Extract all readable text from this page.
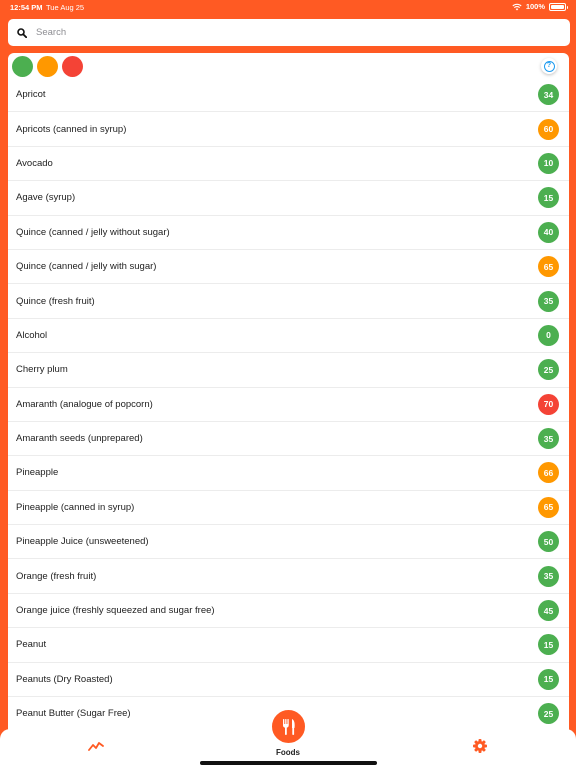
12:54 PM Tue Aug 25	100%
Search
?
Apricot	34
Apricots (canned in syrup)	60
Avocado	10
Agave (syrup)	15
Quince (canned / jelly without sugar)	40
Quince (canned / jelly with sugar)	65
Quince (fresh fruit)	35
Alcohol	0
Cherry plum	25
Amaranth (analogue of popcorn)	70
Amaranth seeds (unprepared)	35
Pineapple	66
Pineapple (canned in syrup)	65
Pineapple Juice (unsweetened)	50
Orange (fresh fruit)	35
Orange juice (freshly squeezed and sugar free)	45
Peanut	15
Peanuts (Dry Roasted)	15
Peanut Butter (Sugar Free)	25
Foods
